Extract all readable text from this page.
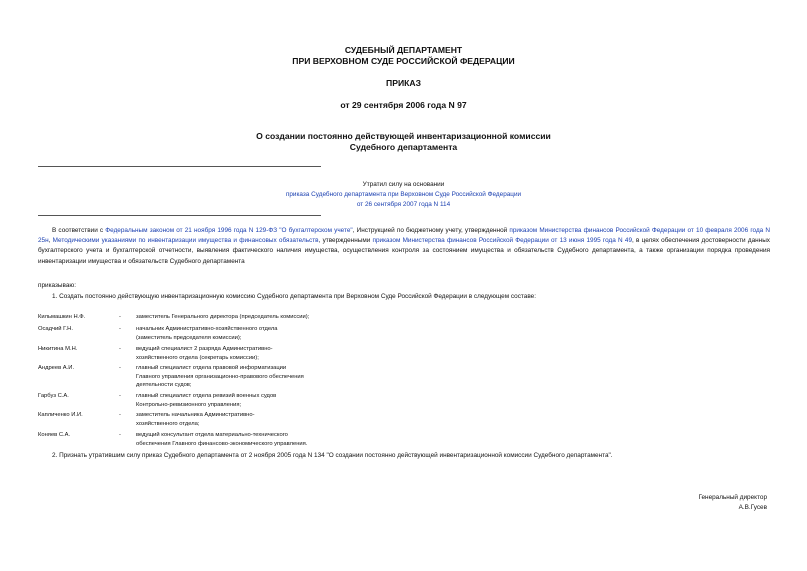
СУДЕБНЫЙ ДЕПАРТАМЕНТ
ПРИ ВЕРХОВНОМ СУДЕ РОССИЙСКОЙ ФЕДЕРАЦИИ
ПРИКАЗ
от 29 сентября 2006 года N 97
О создании постоянно действующей инвентаризационной комиссии
Судебного департамента
Утратил силу на основании
приказа Судебного департамента при Верховном Суде Российской Федерации
от 26 сентября 2007 года N 114
В соответствии с Федеральным законом от 21 ноября 1996 года N 129-ФЗ "О бухгалтерском учете", Инструкцией по бюджетному учету, утвержденной приказом Министерства финансов Российской Федерации от 10 февраля 2006 года N 25н, Методическими указаниями по инвентаризации имущества и финансовых обязательств, утвержденными приказом Министерства финансов Российской Федерации от 13 июня 1995 года N 49, в целях обеспечения достоверности данных бухгалтерского учета и бухгалтерской отчетности, выявления фактического наличия имущества, осуществления контроля за состоянием имущества и обязательств Судебного департамента, а также организации порядка проведения инвентаризации имущества и обязательств Судебного департамента
приказываю:
1. Создать постоянно действующую инвентаризационную комиссию Судебного департамента при Верховном Суде Российской Федерации в следующем составе:
Кильмашкин Н.Ф.	-	заместитель Генерального директора (председатель комиссии);
Осадчий Г.Н.	-	начальник Административно-хозяйственного отдела
(заместитель председателя комиссии);
Никитина М.Н.	-	ведущий специалист 2 разряда Административно-
хозяйственного отдела (секретарь комиссии);
Андреев А.И.	-	главный специалист отдела правовой информатизации
Главного управления организационно-правового обеспечения
деятельности судов;
Гарбуз С.А.	-	главный специалист отдела ревизий военных судов
Контрольно-ревизионного управления;
Капличенко И.И.	-	заместитель начальника Административно-
хозяйственного отдела;
Коняев С.А.	-	ведущий консультант отдела материально-технического
обеспечения Главного финансово-экономического управления.
2. Признать утратившим силу приказ Судебного департамента от 2 ноября 2005 года N 134 "О создании постоянно действующей инвентаризационной комиссии Судебного департамента".
Генеральный директор
А.В.Гусев
